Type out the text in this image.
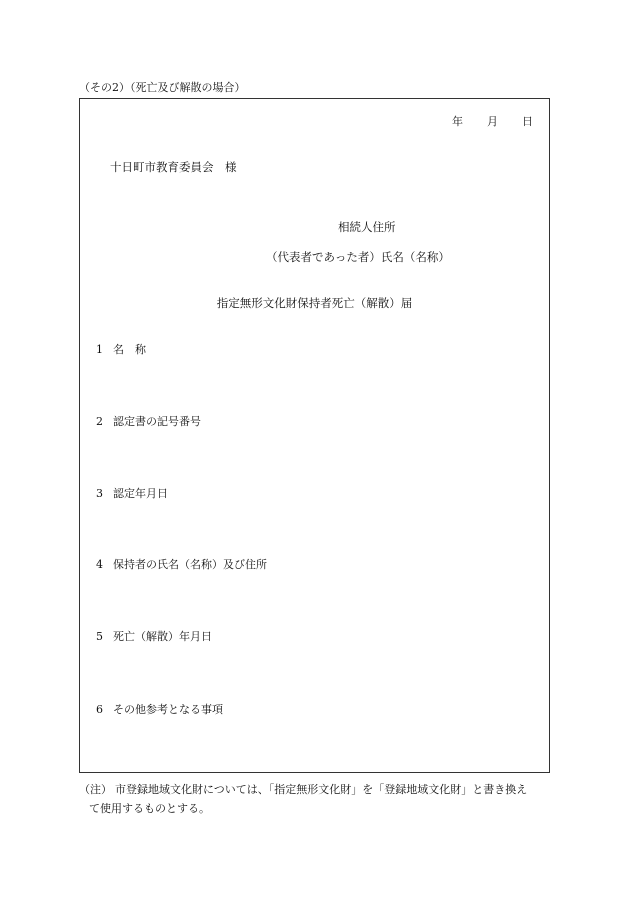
（その2）（死亡及び解散の場合）
年 月 日
十日町市教育委員会　様
相続人住所
（代表者であった者）氏名（名称）
指定無形文化財保持者死亡（解散）届
1 名　称
2 認定書の記号番号
3 認定年月日
4 保持者の氏名（名称）及び住所
5 死亡（解散）年月日
6 その他参考となる事項
（注） 市登録地域文化財については、「指定無形文化財」を「登録地域文化財」と書き換え
て使用するものとする。
